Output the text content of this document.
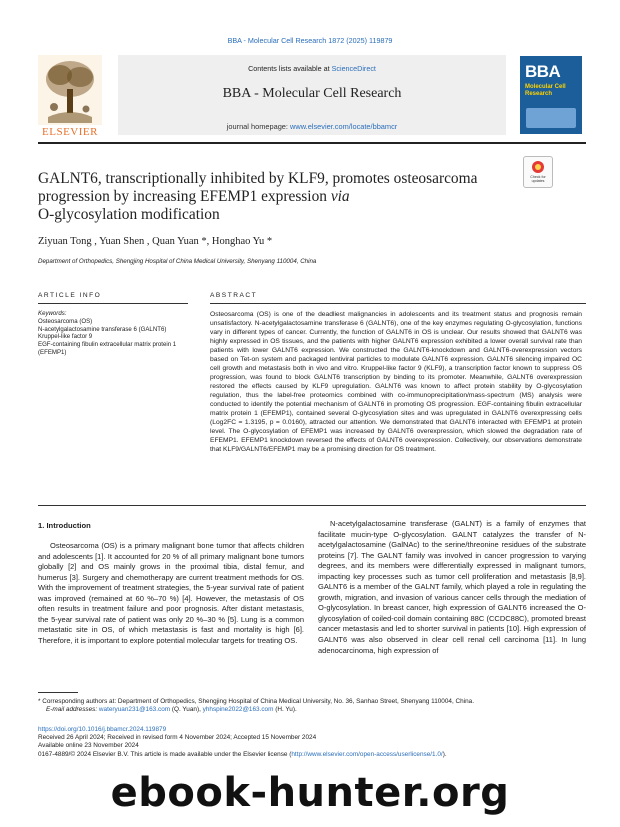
BBA - Molecular Cell Research 1872 (2025) 119879
ELSEVIER
Contents lists available at ScienceDirect
BBA - Molecular Cell Research
journal homepage: www.elsevier.com/locate/bbamcr
BBA
Molecular Cell Research
Check for updates
GALNT6, transcriptionally inhibited by KLF9, promotes osteosarcoma progression by increasing EFEMP1 expression via
O-glycosylation modification
Ziyuan Tong , Yuan Shen , Quan Yuan *, Honghao Yu *
Department of Orthopedics, Shengjing Hospital of China Medical University, Shenyang 110004, China
ARTICLE INFO	ABSTRACT
Keywords:
Osteosarcoma (OS)
N-acetylgalactosamine transferase 6 (GALNT6)
Kruppel-like factor 9
EGF-containing fibulin extracellular matrix protein 1 (EFEMP1)
Osteosarcoma (OS) is one of the deadliest malignancies in adolescents and its treatment status and prognosis remain unsatisfactory. N-acetylgalactosamine transferase 6 (GALNT6), one of the key enzymes regulating O-glycosylation, functions vary in different types of cancer. Currently, the function of GALNT6 in OS is unclear. Our results showed that GALNT6 was highly expressed in OS tissues, and the patients with higher GALNT6 expression exhibited a lower overall survival rate than patients with lower GALNT6 expression. We constructed the GALNT6-knockdown and GALNT6-overexpression vectors based on Tet-on system and packaged lentiviral particles to modulate GALNT6 expression. GALNT6 silencing impaired OC cell growth and metastasis both in vivo and vitro. Kruppel-like factor 9 (KLF9), a transcription factor known to suppress OS progression, was found to block GALNT6 transcription by binding to its promoter. Meanwhile, GALNT6 overexpression restored the effects caused by KLF9 upregulation. GALNT6 was known to affect protein stability by O-glycosylation regulation, thus the label-free proteomics combined with co-immunoprecipitation/mass-spectrum (MS) analysis were conducted to identify the potential mechanism of GALNT6 in promoting OS progression. EGF-containing fibulin extracellular matrix protein 1 (EFEMP1), contained several O-glycosylation sites and was upregulated in GALNT6 overexpressing cells (Log2FC = 1.3195, p = 0.0160), attracted our attention. We demonstrated that GALNT6 interacted with EFEMP1 at protein level. The O-glycosylation of EFEMP1 was increased by GALNT6 overexpression, which slowed the degradation rate of EFEMP1. EFEMP1 knockdown reversed the effects of GALNT6 overexpression. Collectively, our observations demonstrate that KLF9/GALNT6/EFEMP1 may be a promising direction for OS treatment.
1. Introduction

Osteosarcoma (OS) is a primary malignant bone tumor that affects children and adolescents [1]. It accounted for 20 % of all primary malignant bone tumors globally [2] and OS mainly grows in the proximal tibia, distal femur, and humerus [3]. Surgery and chemotherapy are current treatment methods for OS. With the improvement of treatment strategies, the 5-year survival rate of patient was improved (remained at 60 %–70 %) [4]. However, the metastasis of OS often results in treatment failure and poor prognosis. After distant metastasis, the 5-year survival rate of patient was only 20 %–30 % [5]. Lung is a common metastatic site in OS, of which metastasis is fast and mortality is high [6]. Therefore, it is important to explore potential molecular targets for treating OS.

N-acetylgalactosamine transferase (GALNT) is a family of enzymes that facilitate mucin-type O-glycosylation. GALNT catalyzes the transfer of N-acetylgalactosamine (GalNAc) to the serine/threonine residues of the substrate proteins [7]. The GALNT family was involved in cancer progression to varying degrees, and its members were differentially expressed in malignant tumors, impacting key processes such as tumor cell proliferation and metastasis [8,9]. GALNT6 is a member of the GALNT family, which played a role in regulating the growth, migration, and invasion of various cancer cells through the mediation of O-glycosylation. In breast cancer, high expression of GALNT6 increased the O-glycosylation of coiled-coil domain containing 88C (CCDC88C), promoted breast cancer metastasis and led to shorter survival in patients [10]. High expression of GALNT6 was also observed in clear cell renal cell carcinoma [11]. In lung adenocarcinoma, high expression of

* Corresponding authors at: Department of Orthopedics, Shengjing Hospital of China Medical University, No. 36, Sanhao Street, Shenyang 110004, China.
E-mail addresses: wateryuan231@163.com (Q. Yuan), yhhspine2022@163.com (H. Yu).
https://doi.org/10.1016/j.bbamcr.2024.119879
Received 26 April 2024; Received in revised form 4 November 2024; Accepted 15 November 2024
Available online 23 November 2024
0167-4889/© 2024 Elsevier B.V. This article is made available under the Elsevier license (http://www.elsevier.com/open-access/userlicense/1.0/).
ebook-hunter.org
